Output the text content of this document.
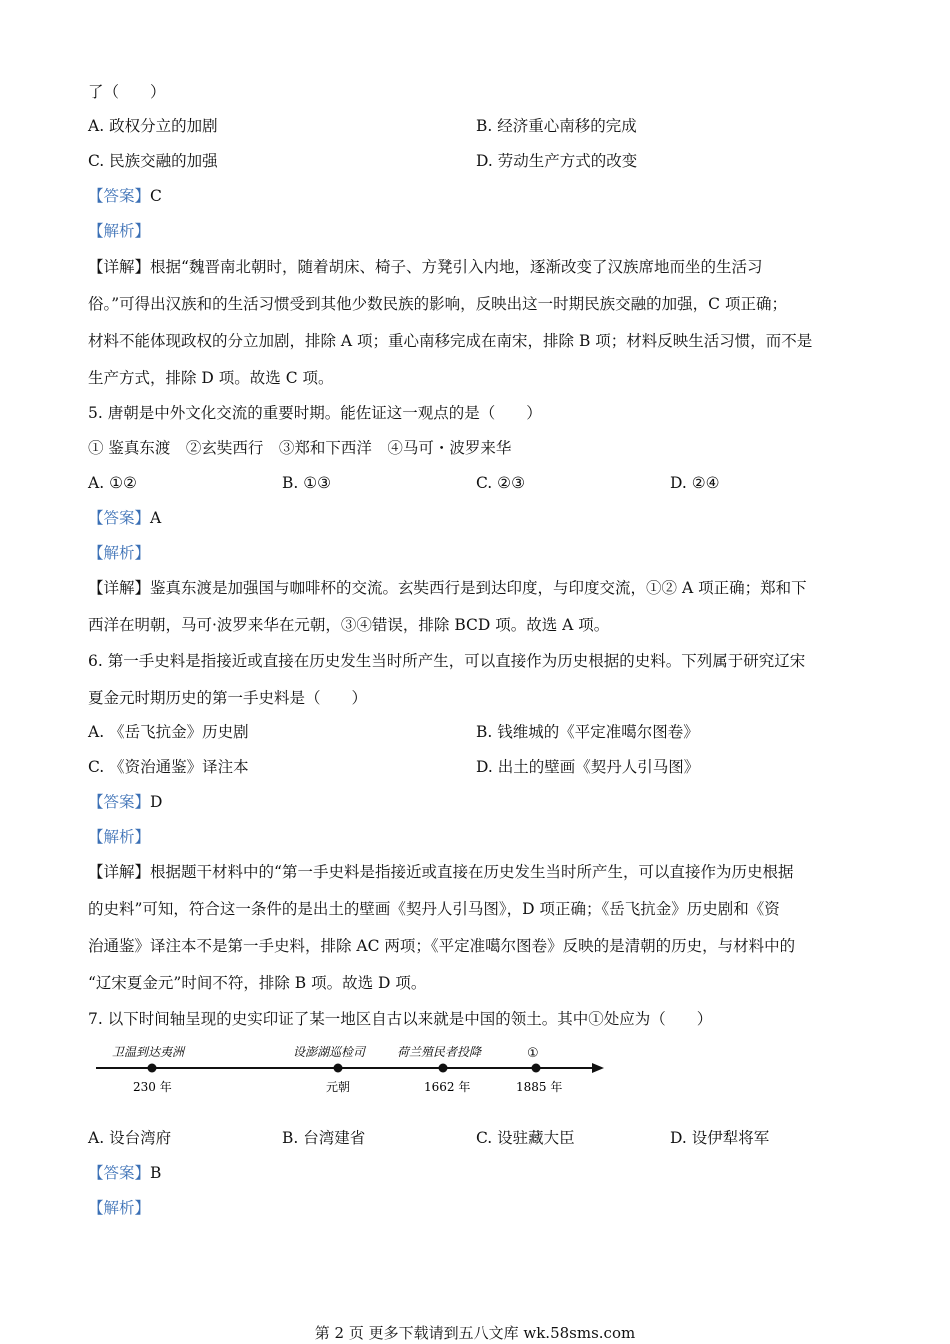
了（　　）
A. 政权分立的加剧	B. 经济重心南移的完成
C. 民族交融的加强	D. 劳动生产方式的改变
【答案】C
【解析】
【详解】根据“魏晋南北朝时，随着胡床、椅子、方凳引入内地，逐渐改变了汉族席地而坐的生活习
俗。”可得出汉族和的生活习惯受到其他少数民族的影响，反映出这一时期民族交融的加强，C 项正确；
材料不能体现政权的分立加剧，排除 A 项；重心南移完成在南宋，排除 B 项；材料反映生活习惯，而不是
生产方式，排除 D 项。故选 C 项。
5. 唐朝是中外文化交流的重要时期。能佐证这一观点的是（　　）
① 鉴真东渡　②玄奘西行　③郑和下西洋　④马可・波罗来华
A. ①②	B. ①③	C. ②③	D. ②④
【答案】A
【解析】
【详解】鉴真东渡是加强国与咖啡杯的交流。玄奘西行是到达印度，与印度交流，①② A 项正确；郑和下
西洋在明朝，马可·波罗来华在元朝，③④错误，排除 BCD 项。故选 A 项。
6. 第一手史料是指接近或直接在历史发生当时所产生，可以直接作为历史根据的史料。下列属于研究辽宋
夏金元时期历史的第一手史料是（　　）
A. 《岳飞抗金》历史剧	B. 钱维城的《平定准噶尔图卷》
C. 《资治通鉴》译注本	D. 出土的壁画《契丹人引马图》
【答案】D
【解析】
【详解】根据题干材料中的“第一手史料是指接近或直接在历史发生当时所产生，可以直接作为历史根据
的史料”可知，符合这一条件的是出土的壁画《契丹人引马图》，D 项正确；《岳飞抗金》历史剧和《资
治通鉴》译注本不是第一手史料，排除 AC 两项；《平定准噶尔图卷》反映的是清朝的历史，与材料中的
“辽宋夏金元”时间不符，排除 B 项。故选 D 项。
7. 以下时间轴呈现的史实印证了某一地区自古以来就是中国的领土。其中①处应为（　　）
卫温到达夷洲	设澎湖巡检司	荷兰殖民者投降	①
230 年	元朝	1662 年	1885 年
A. 设台湾府	B. 台湾建省	C. 设驻藏大臣	D. 设伊犁将军
【答案】B
【解析】
第 2 页 更多下载请到五八文库 wk.58sms.com
